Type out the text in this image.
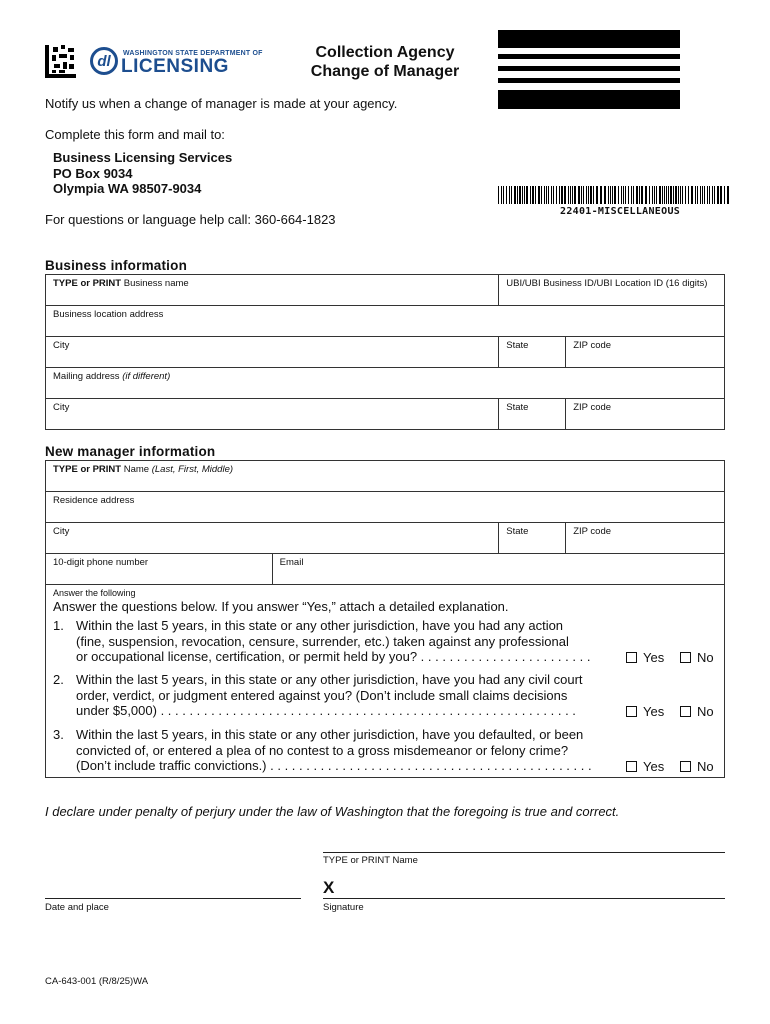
dl WASHINGTON STATE DEPARTMENT OF
LICENSING
Collection Agency
Change of Manager
Notify us when a change of manager is made at your agency.
Complete this form and mail to:
Business Licensing Services
PO Box 9034
Olympia WA 98507-9034
For questions or language help call: 360-664-1823
22401-MISCELLANEOUS
Business information
TYPE or PRINT Business name	UBI/UBI Business ID/UBI Location ID (16 digits)	
Business location address		
City	State	ZIP code
Mailing address (if different)		
City	State	ZIP code
New manager information
TYPE or PRINT Name (Last, First, Middle)			
Residence address			
City		State	ZIP code
10-digit phone number	Email		
Answer the following
Answer the questions below. If you answer “Yes,” attach a detailed explanation.
1. Within the last 5 years, in this state or any other jurisdiction, have you had any action
(fine, suspension, revocation, censure, surrender, etc.) taken against any professional
or occupational license, certification, or permit held by you? . . . . . . . . . . . . . . . . . . . . . . . .	Yes	No
2. Within the last 5 years, in this state or any other jurisdiction, have you had any civil court
order, verdict, or judgment entered against you? (Don’t include small claims decisions
under $5,000) . . . . . . . . . . . . . . . . . . . . . . . . . . . . . . . . . . . . . . . . . . . . . . . . . . . . . . . . . .	Yes	No
3. Within the last 5 years, in this state or any other jurisdiction, have you defaulted, or been
convicted of, or entered a plea of no contest to a gross misdemeanor or felony crime?
(Don’t include traffic convictions.) . . . . . . . . . . . . . . . . . . . . . . . . . . . . . . . . . . . . . . . . . . . . .	Yes	No
I declare under penalty of perjury under the law of Washington that the foregoing is true and correct.
TYPE or PRINT Name
X
Date and place	Signature
CA-643-001 (R/8/25)WA
